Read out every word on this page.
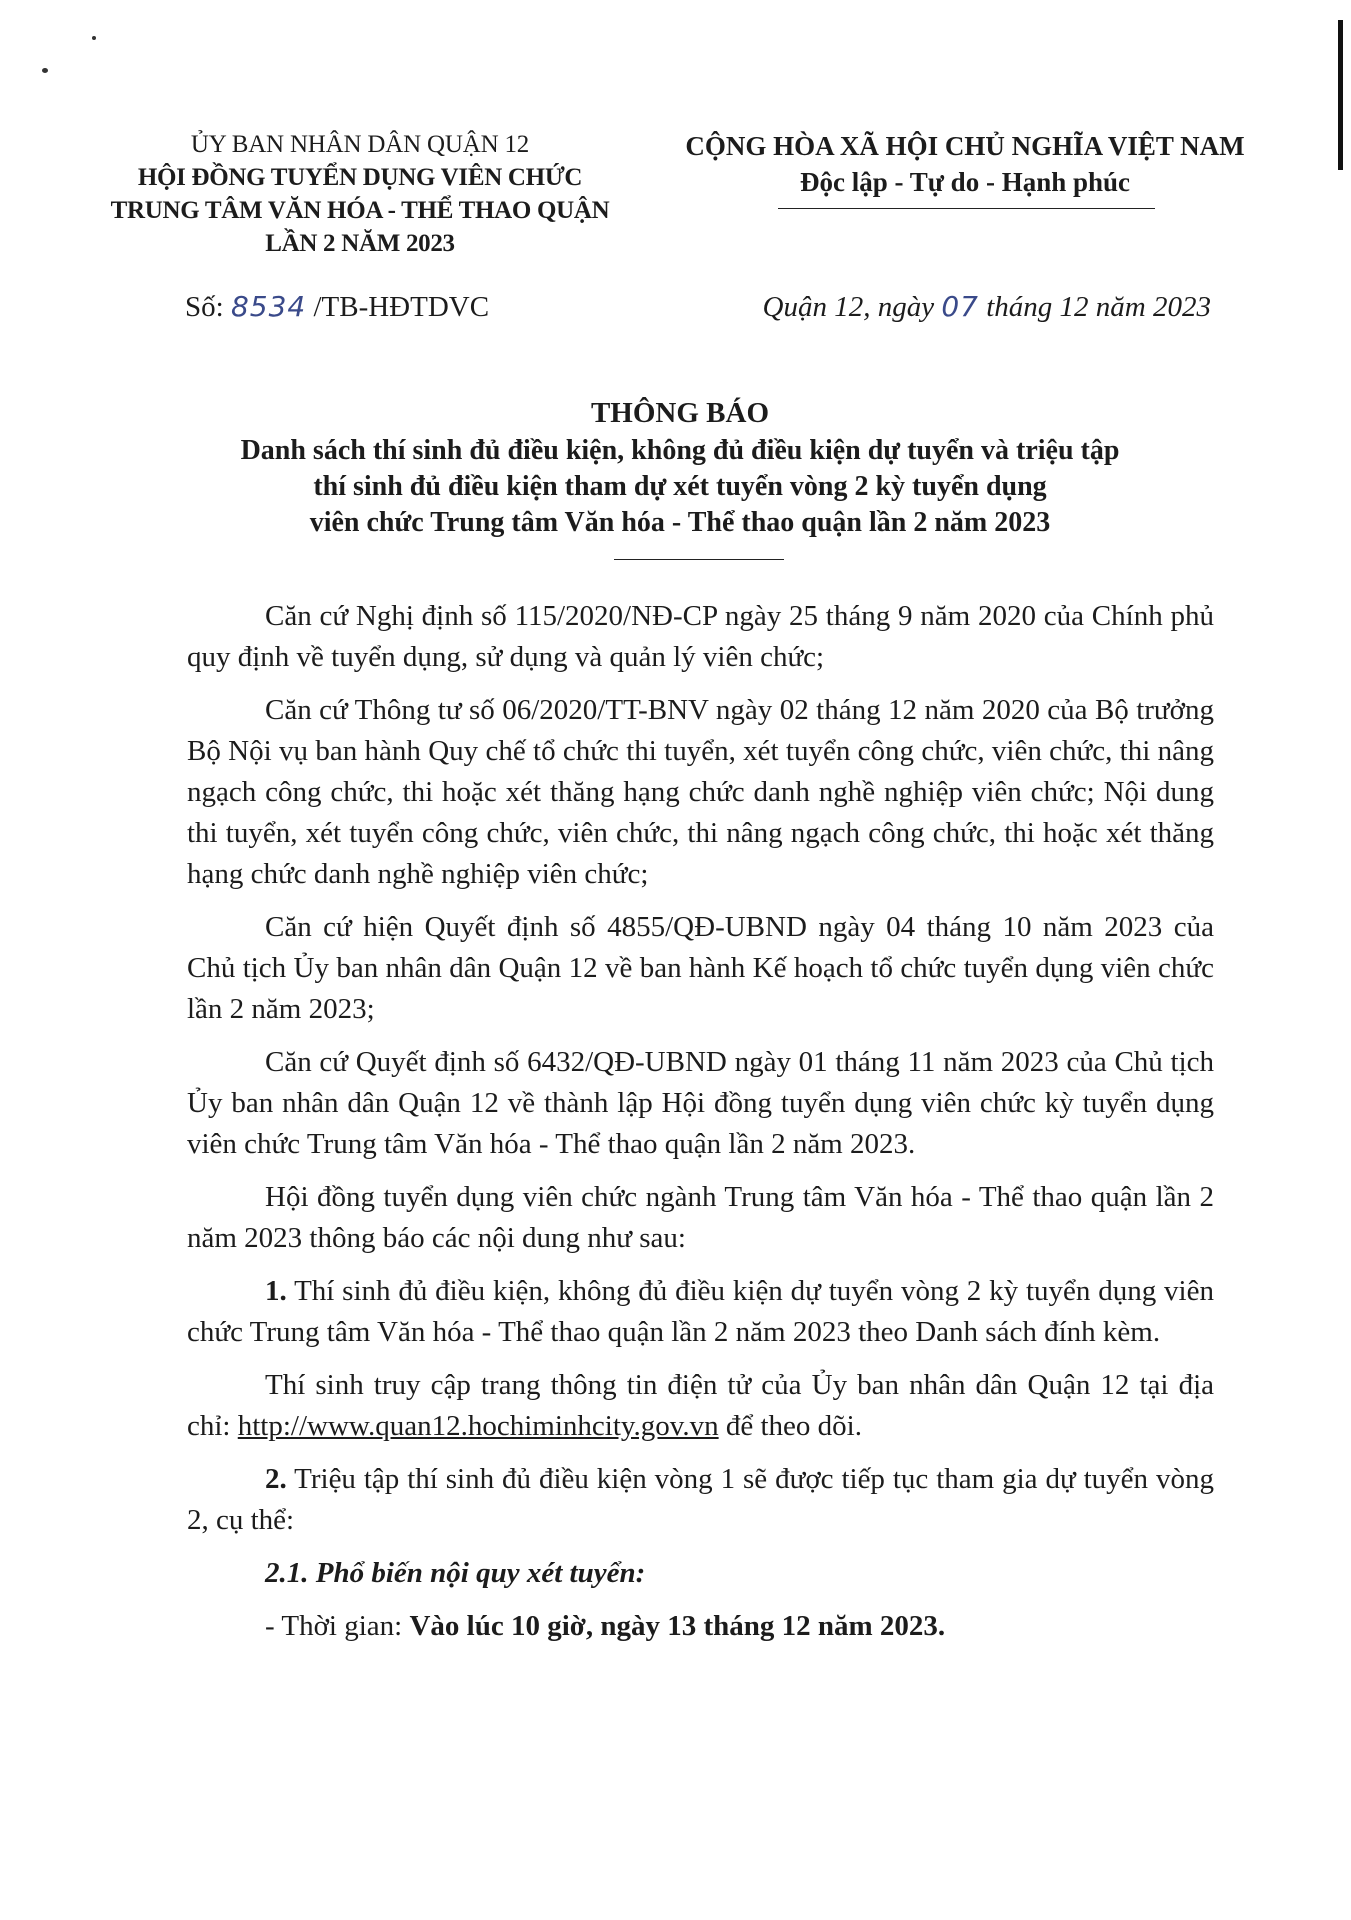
ỦY BAN NHÂN DÂN QUẬN 12
HỘI ĐỒNG TUYỂN DỤNG VIÊN CHỨC
TRUNG TÂM VĂN HÓA - THỂ THAO QUẬN
LẦN 2 NĂM 2023
CỘNG HÒA XÃ HỘI CHỦ NGHĨA VIỆT NAM
Độc lập - Tự do - Hạnh phúc
Số: 8534 /TB-HĐTDVC	Quận 12, ngày 07 tháng 12 năm 2023
THÔNG BÁO
Danh sách thí sinh đủ điều kiện, không đủ điều kiện dự tuyển và triệu tập
thí sinh đủ điều kiện tham dự xét tuyển vòng 2 kỳ tuyển dụng
viên chức Trung tâm Văn hóa - Thể thao quận lần 2 năm 2023

Căn cứ Nghị định số 115/2020/NĐ-CP ngày 25 tháng 9 năm 2020 của Chính phủ quy định về tuyển dụng, sử dụng và quản lý viên chức;

Căn cứ Thông tư số 06/2020/TT-BNV ngày 02 tháng 12 năm 2020 của Bộ trưởng Bộ Nội vụ ban hành Quy chế tổ chức thi tuyển, xét tuyển công chức, viên chức, thi nâng ngạch công chức, thi hoặc xét thăng hạng chức danh nghề nghiệp viên chức; Nội dung thi tuyển, xét tuyển công chức, viên chức, thi nâng ngạch công chức, thi hoặc xét thăng hạng chức danh nghề nghiệp viên chức;

Căn cứ hiện Quyết định số 4855/QĐ-UBND ngày 04 tháng 10 năm 2023 của Chủ tịch Ủy ban nhân dân Quận 12 về ban hành Kế hoạch tổ chức tuyển dụng viên chức lần 2 năm 2023;

Căn cứ Quyết định số 6432/QĐ-UBND ngày 01 tháng 11 năm 2023 của Chủ tịch Ủy ban nhân dân Quận 12 về thành lập Hội đồng tuyển dụng viên chức kỳ tuyển dụng viên chức Trung tâm Văn hóa - Thể thao quận lần 2 năm 2023.

Hội đồng tuyển dụng viên chức ngành Trung tâm Văn hóa - Thể thao quận lần 2 năm 2023 thông báo các nội dung như sau:

1. Thí sinh đủ điều kiện, không đủ điều kiện dự tuyển vòng 2 kỳ tuyển dụng viên chức Trung tâm Văn hóa - Thể thao quận lần 2 năm 2023 theo Danh sách đính kèm.

Thí sinh truy cập trang thông tin điện tử của Ủy ban nhân dân Quận 12 tại địa chỉ: http://www.quan12.hochiminhcity.gov.vn để theo dõi.

2. Triệu tập thí sinh đủ điều kiện vòng 1 sẽ được tiếp tục tham gia dự tuyển vòng 2, cụ thể:

2.1. Phổ biến nội quy xét tuyển:

- Thời gian: Vào lúc 10 giờ, ngày 13 tháng 12 năm 2023.
